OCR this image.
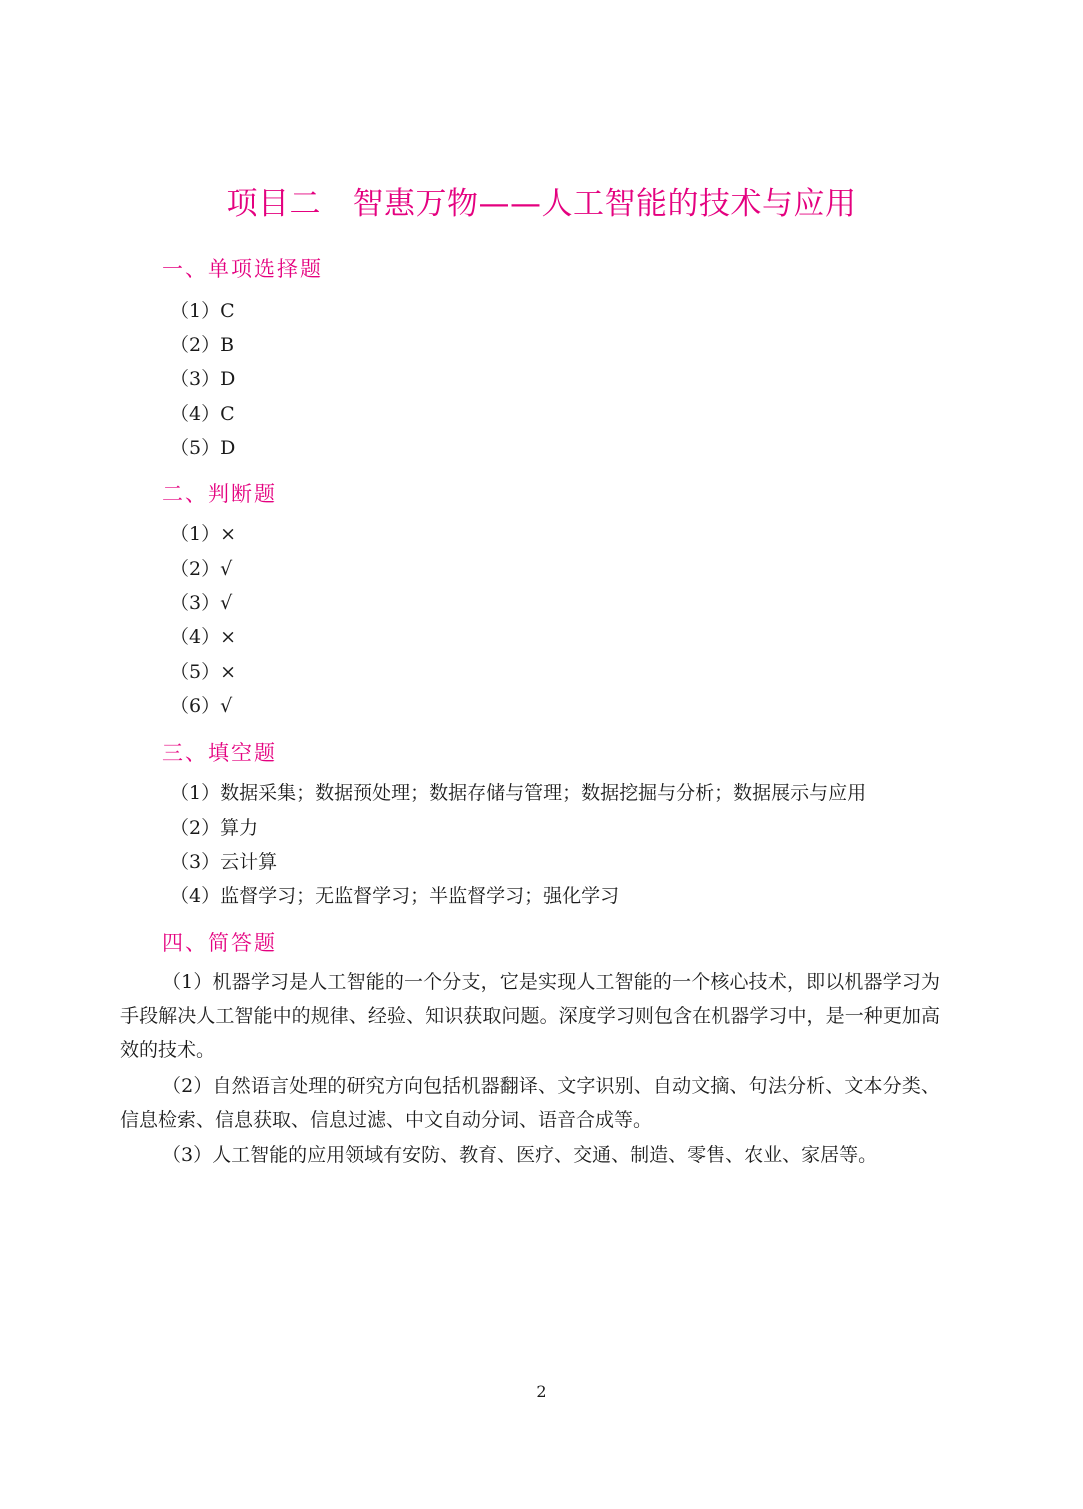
项目二　智惠万物——人工智能的技术与应用
一、单项选择题
（1）C
（2）B
（3）D
（4）C
（5）D
二、判断题
（1）×
（2）√
（3）√
（4）×
（5）×
（6）√
三、填空题
（1）数据采集；数据预处理；数据存储与管理；数据挖掘与分析；数据展示与应用
（2）算力
（3）云计算
（4）监督学习；无监督学习；半监督学习；强化学习
四、简答题
（1）机器学习是人工智能的一个分支，它是实现人工智能的一个核心技术，即以机器学习为手段解决人工智能中的规律、经验、知识获取问题。深度学习则包含在机器学习中，是一种更加高效的技术。
（2）自然语言处理的研究方向包括机器翻译、文字识别、自动文摘、句法分析、文本分类、信息检索、信息获取、信息过滤、中文自动分词、语音合成等。
（3）人工智能的应用领域有安防、教育、医疗、交通、制造、零售、农业、家居等。
2
